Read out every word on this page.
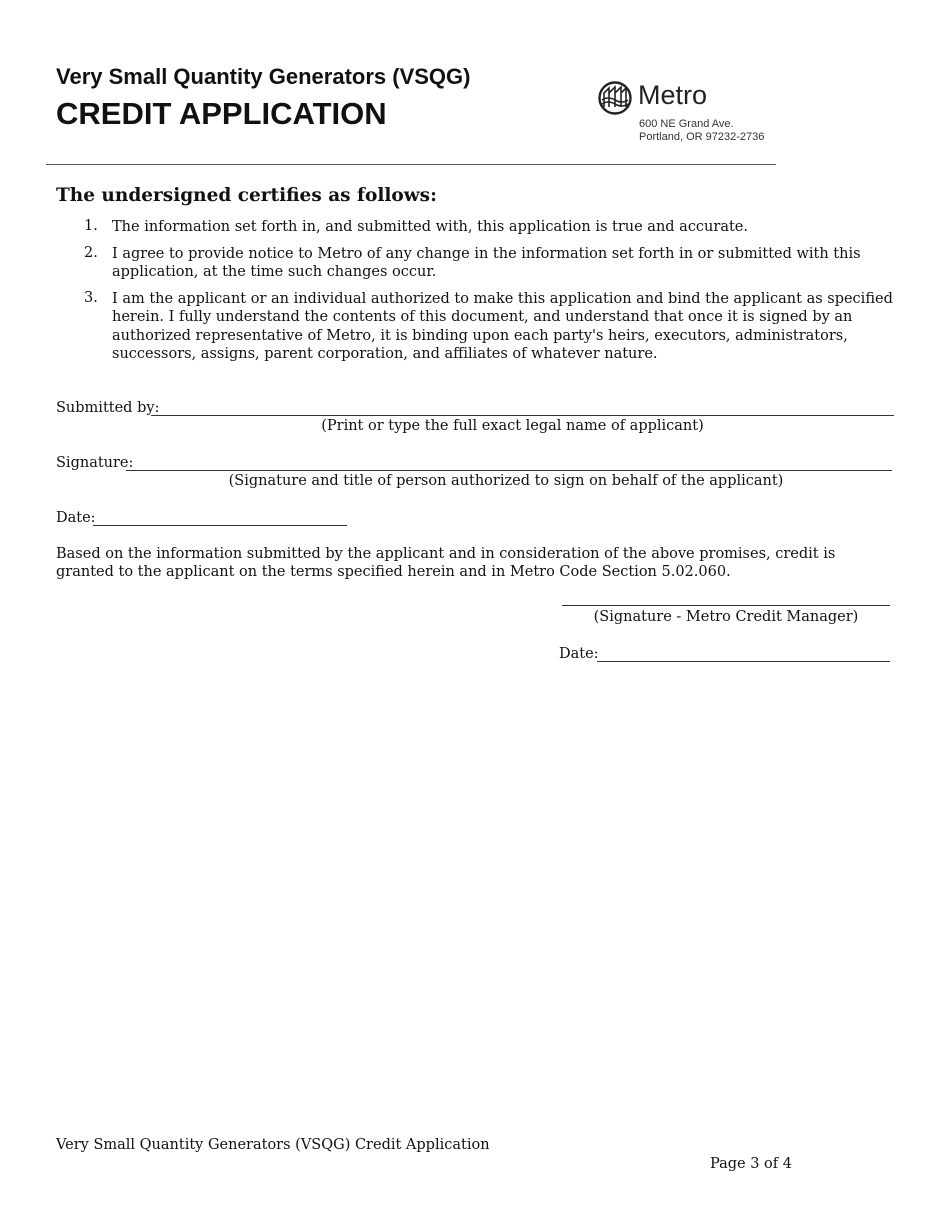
Very Small Quantity Generators (VSQG)
CREDIT APPLICATION
Metro
600 NE Grand Ave.
Portland, OR 97232-2736
The undersigned certifies as follows:
1. The information set forth in, and submitted with, this application is true and accurate.
2. I agree to provide notice to Metro of any change in the information set forth in or submitted with this application, at the time such changes occur.
3. I am the applicant or an individual authorized to make this application and bind the applicant as specified herein. I fully understand the contents of this document, and understand that once it is signed by an authorized representative of Metro, it is binding upon each party's heirs, executors, administrators, successors, assigns, parent corporation, and affiliates of whatever nature.
Submitted by:
(Print or type the full exact legal name of applicant)
Signature:
(Signature and title of person authorized to sign on behalf of the applicant)
Date:
Based on the information submitted by the applicant and in consideration of the above promises, credit is granted to the applicant on the terms specified herein and in Metro Code Section 5.02.060.
(Signature - Metro Credit Manager)
Date:
Very Small Quantity Generators (VSQG) Credit Application
Page 3 of 4
